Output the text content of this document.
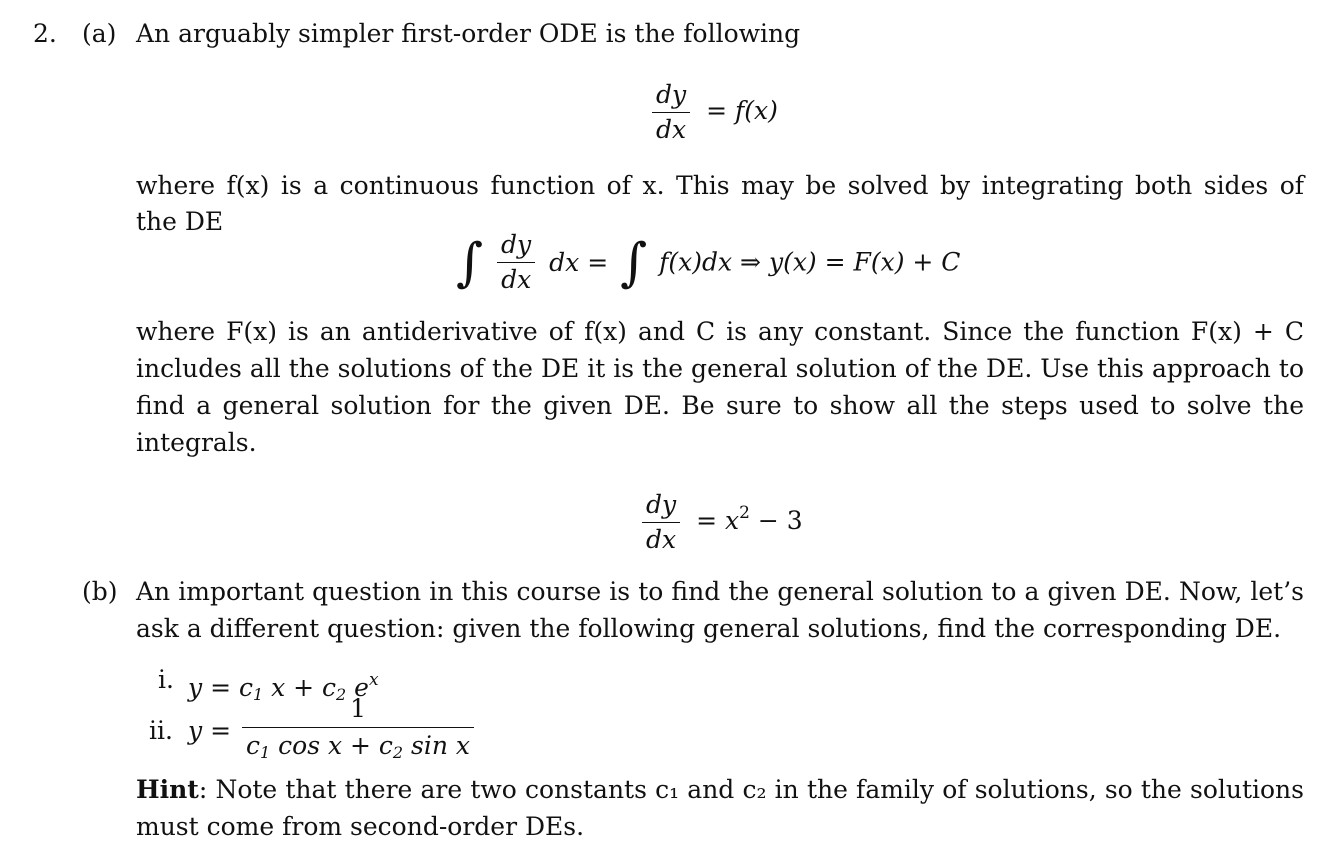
2. (a) An arguably simpler first-order ODE is the following
$\frac{dy}{dx} = f(x)$
where f(x) is a continuous function of x. This may be solved by integrating both sides of
the DE
∫ $\frac{dy}{dx}$ dx = ∫ f(x)dx ⇒ y(x) = F(x) + C
where F(x) is an antiderivative of f(x) and C is any constant. Since the function F(x) + C includes all the solutions of the DE it is the general solution of the DE. Use this approach to find a general solution for the given DE. Be sure to show all the steps used to solve the integrals.
$\frac{dy}{dx} = x^2 - 3$
(b) An important question in this course is to find the general solution to a given DE. Now, let’s ask a different question: given the following general solutions, find the corresponding DE.
i. $y = c_1$ $x + c_2$ $e^x$
ii. $y = \frac{1}{c_1 \cos x + c_2 \sin x}$
Hint: Note that there are two constants c₁ and c₂ in the family of solutions, so the solutions must come from second-order DEs.
